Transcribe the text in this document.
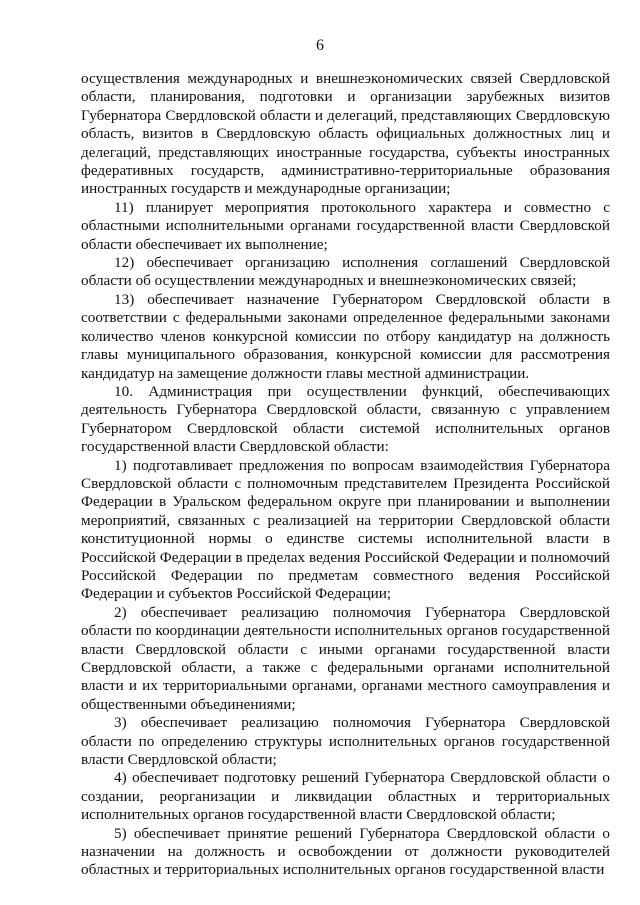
6

осуществления международных и внешнеэкономических связей Свердловской области, планирования, подготовки и организации зарубежных визитов Губернатора Свердловской области и делегаций, представляющих Свердловскую область, визитов в Свердловскую область официальных должностных лиц и делегаций, представляющих иностранные государства, субъекты иностранных федеративных государств, административно-территориальные образования иностранных государств и международные организации;

11) планирует мероприятия протокольного характера и совместно с областными исполнительными органами государственной власти Свердловской области обеспечивает их выполнение;

12) обеспечивает организацию исполнения соглашений Свердловской области об осуществлении международных и внешнеэкономических связей;

13) обеспечивает назначение Губернатором Свердловской области в соответствии с федеральными законами определенное федеральными законами количество членов конкурсной комиссии по отбору кандидатур на должность главы муниципального образования, конкурсной комиссии для рассмотрения кандидатур на замещение должности главы местной администрации.

10. Администрация при осуществлении функций, обеспечивающих деятельность Губернатора Свердловской области, связанную с управлением Губернатором Свердловской области системой исполнительных органов государственной власти Свердловской области:

1) подготавливает предложения по вопросам взаимодействия Губернатора Свердловской области с полномочным представителем Президента Российской Федерации в Уральском федеральном округе при планировании и выполнении мероприятий, связанных с реализацией на территории Свердловской области конституционной нормы о единстве системы исполнительной власти в Российской Федерации в пределах ведения Российской Федерации и полномочий Российской Федерации по предметам совместного ведения Российской Федерации и субъектов Российской Федерации;

2) обеспечивает реализацию полномочия Губернатора Свердловской области по координации деятельности исполнительных органов государственной власти Свердловской области с иными органами государственной власти Свердловской области, а также с федеральными органами исполнительной власти и их территориальными органами, органами местного самоуправления и общественными объединениями;

3) обеспечивает реализацию полномочия Губернатора Свердловской области по определению структуры исполнительных органов государственной власти Свердловской области;

4) обеспечивает подготовку решений Губернатора Свердловской области о создании, реорганизации и ликвидации областных и территориальных исполнительных органов государственной власти Свердловской области;

5) обеспечивает принятие решений Губернатора Свердловской области о назначении на должность и освобождении от должности руководителей областных и территориальных исполнительных органов государственной власти
